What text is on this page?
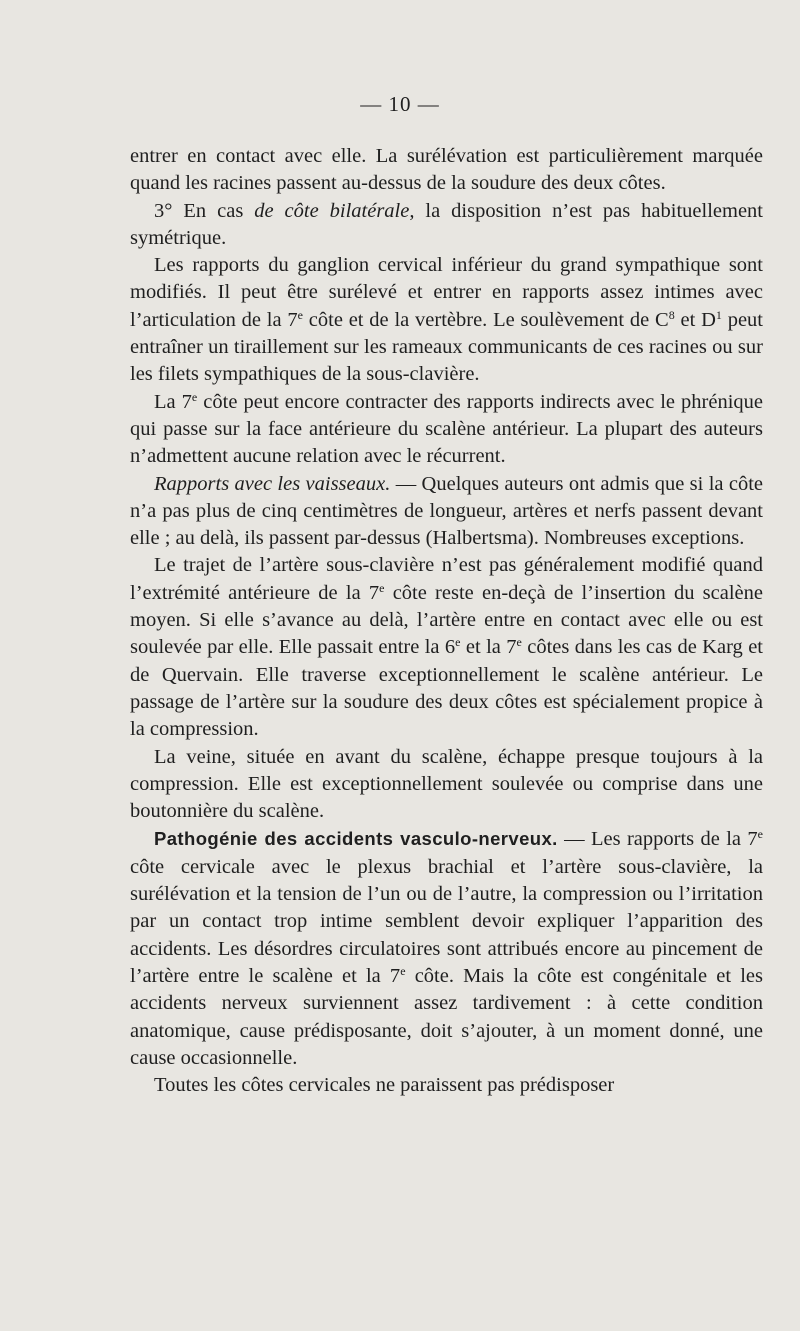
— 10 —

entrer en contact avec elle. La surélévation est particulièrement marquée quand les racines passent au-dessus de la soudure des deux côtes.

3° En cas de côte bilatérale, la disposition n’est pas habituellement symétrique.

Les rapports du ganglion cervical inférieur du grand sympathique sont modifiés. Il peut être surélevé et entrer en rapports assez intimes avec l’articulation de la 7e côte et de la vertèbre. Le soulèvement de $C^8$ et $D^1$ peut entraîner un tiraillement sur les rameaux communicants de ces racines ou sur les filets sympathiques de la sous-clavière.

La 7e côte peut encore contracter des rapports indirects avec le phrénique qui passe sur la face antérieure du scalène antérieur. La plupart des auteurs n’admettent aucune relation avec le récurrent.

Rapports avec les vaisseaux. — Quelques auteurs ont admis que si la côte n’a pas plus de cinq centimètres de longueur, artères et nerfs passent devant elle ; au delà, ils passent par-dessus (Halbertsma). Nombreuses exceptions.

Le trajet de l’artère sous-clavière n’est pas généralement modifié quand l’extrémité antérieure de la 7e côte reste en-deçà de l’insertion du scalène moyen. Si elle s’avance au delà, l’artère entre en contact avec elle ou est soulevée par elle. Elle passait entre la 6e et la 7e côtes dans les cas de Karg et de Quervain. Elle traverse exceptionnellement le scalène antérieur. Le passage de l’artère sur la soudure des deux côtes est spécialement propice à la compression.

La veine, située en avant du scalène, échappe presque toujours à la compression. Elle est exceptionnellement soulevée ou comprise dans une boutonnière du scalène.

Pathogénie des accidents vasculo-nerveux. — Les rapports de la 7e côte cervicale avec le plexus brachial et l’artère sous-clavière, la surélévation et la tension de l’un ou de l’autre, la compression ou l’irritation par un contact trop intime semblent devoir expliquer l’apparition des accidents. Les désordres circulatoires sont attribués encore au pincement de l’artère entre le scalène et la 7e côte. Mais la côte est congénitale et les accidents nerveux surviennent assez tardivement : à cette condition anatomique, cause prédisposante, doit s’ajouter, à un moment donné, une cause occasionnelle.

Toutes les côtes cervicales ne paraissent pas prédisposer
